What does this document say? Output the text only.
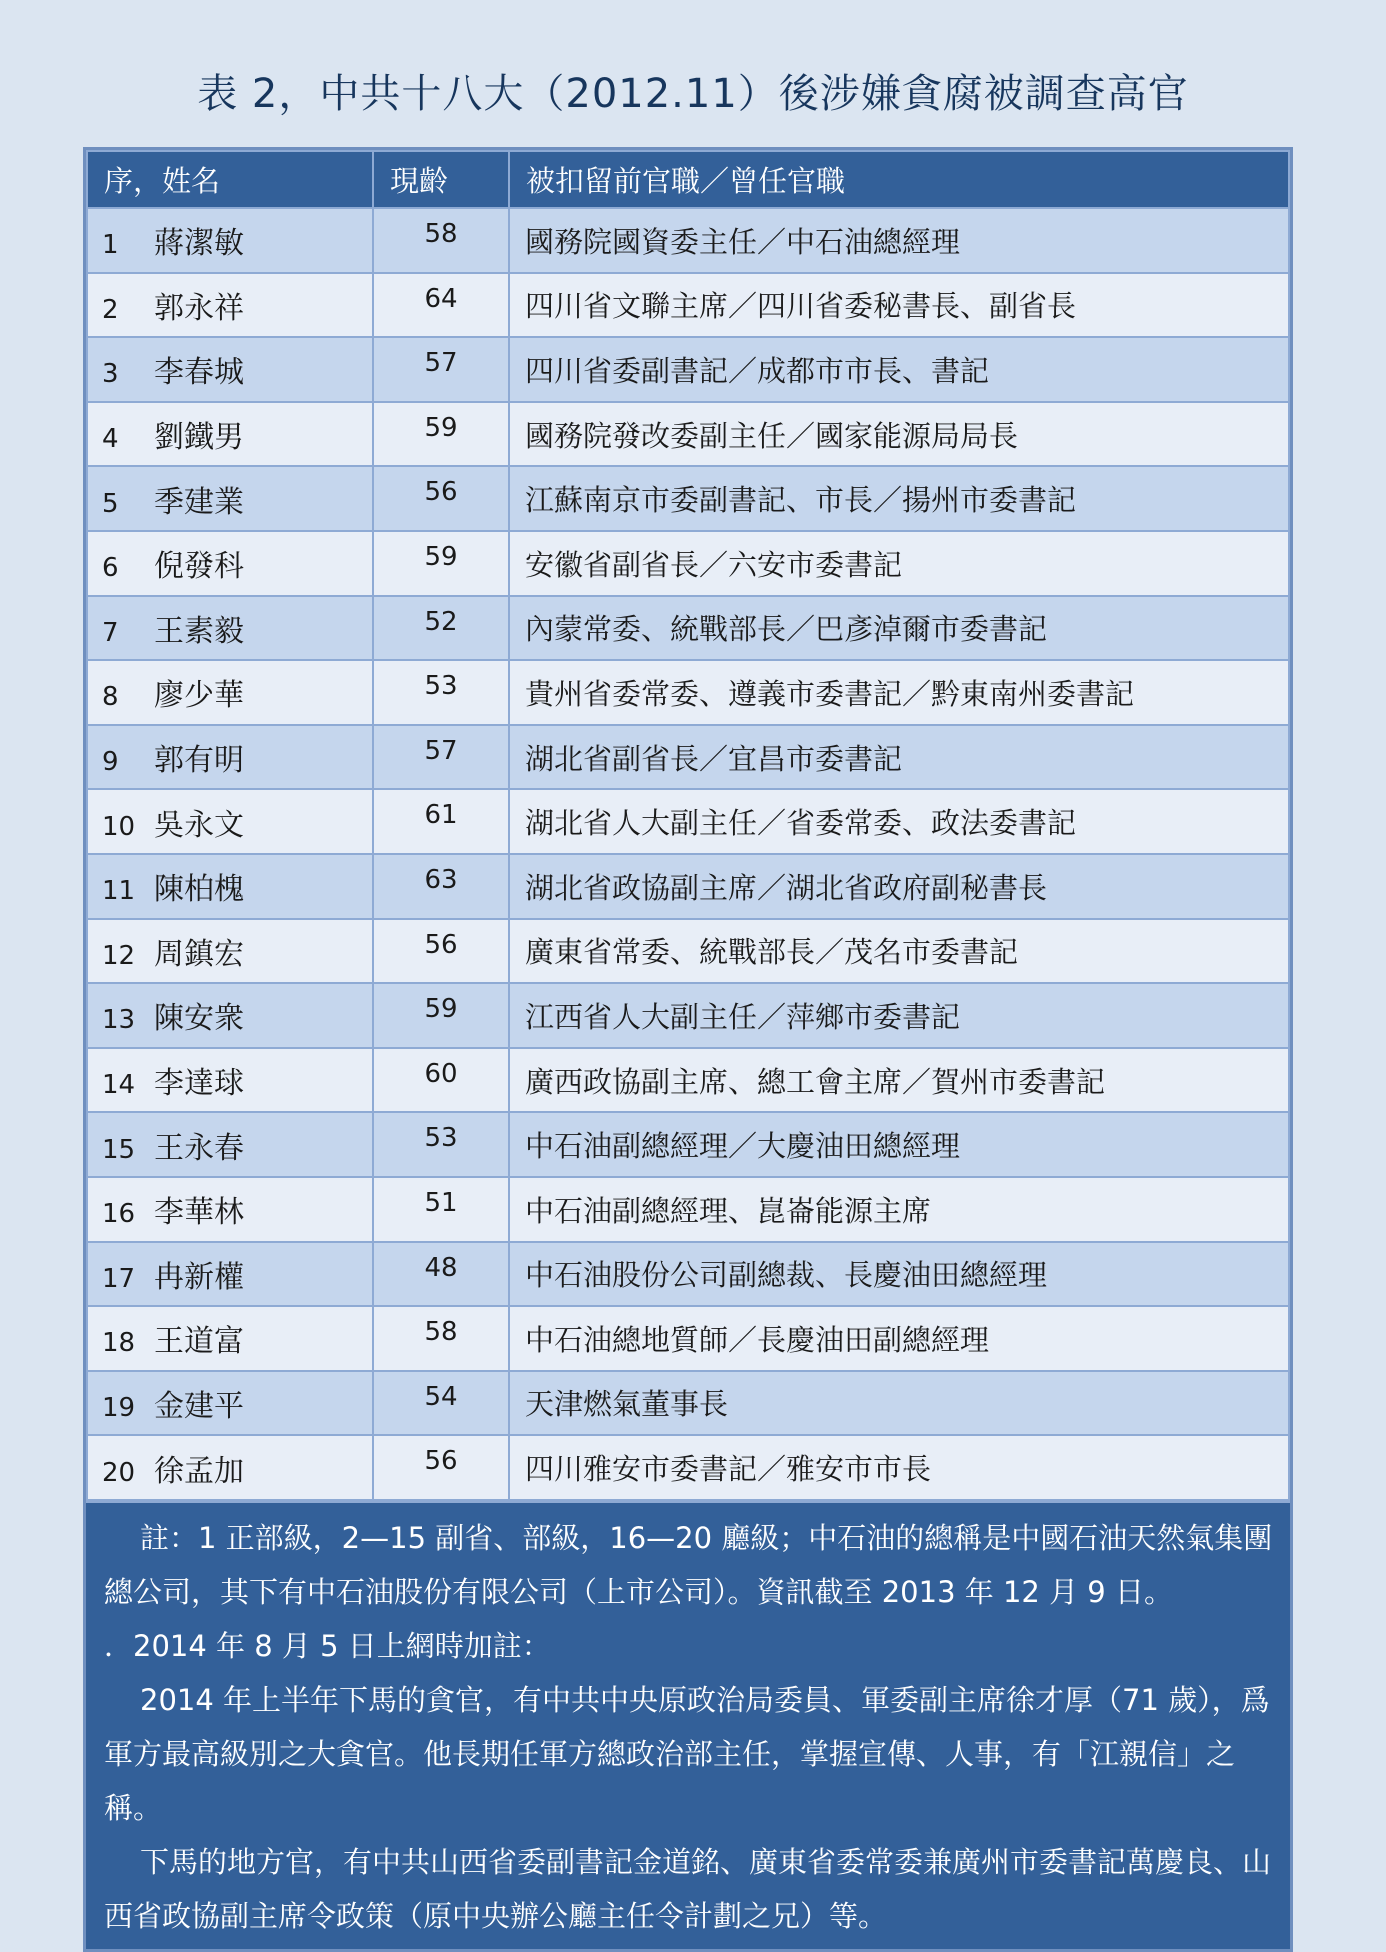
表 2，中共十八大（2012.11）後涉嫌貪腐被調查高官
序，姓名	現齡	被扣留前官職／曾任官職
1 蔣潔敏	58	國務院國資委主任／中石油總經理
2 郭永祥	64	四川省文聯主席／四川省委秘書長、副省長
3 李春城	57	四川省委副書記／成都市市長、書記
4 劉鐵男	59	國務院發改委副主任／國家能源局局長
5 季建業	56	江蘇南京市委副書記、市長／揚州市委書記
6 倪發科	59	安徽省副省長／六安市委書記
7 王素毅	52	內蒙常委、統戰部長／巴彥淖爾市委書記
8 廖少華	53	貴州省委常委、遵義市委書記／黔東南州委書記
9 郭有明	57	湖北省副省長／宜昌市委書記
10 吳永文	61	湖北省人大副主任／省委常委、政法委書記
11 陳柏槐	63	湖北省政協副主席／湖北省政府副秘書長
12 周鎮宏	56	廣東省常委、統戰部長／茂名市委書記
13 陳安衆	59	江西省人大副主任／萍鄉市委書記
14 李達球	60	廣西政協副主席、總工會主席／賀州市委書記
15 王永春	53	中石油副總經理／大慶油田總經理
16 李華林	51	中石油副總經理、崑崙能源主席
17 冉新權	48	中石油股份公司副總裁、長慶油田總經理
18 王道富	58	中石油總地質師／長慶油田副總經理
19 金建平	54	天津燃氣董事長
20 徐孟加	56	四川雅安市委書記／雅安市市長

註：1 正部級，2—15 副省、部級，16—20 廳級；中石油的總稱是中國石油天然氣集團總公司，其下有中石油股份有限公司（上市公司）。資訊截至 2013 年 12 月 9 日。

．2014 年 8 月 5 日上網時加註：

2014 年上半年下馬的貪官，有中共中央原政治局委員、軍委副主席徐才厚（71 歲），爲軍方最高級別之大貪官。他長期任軍方總政治部主任，掌握宣傳、人事，有「江親信」之稱。

下馬的地方官，有中共山西省委副書記金道銘、廣東省委常委兼廣州市委書記萬慶良、山西省政協副主席令政策（原中央辦公廳主任令計劃之兄）等。
